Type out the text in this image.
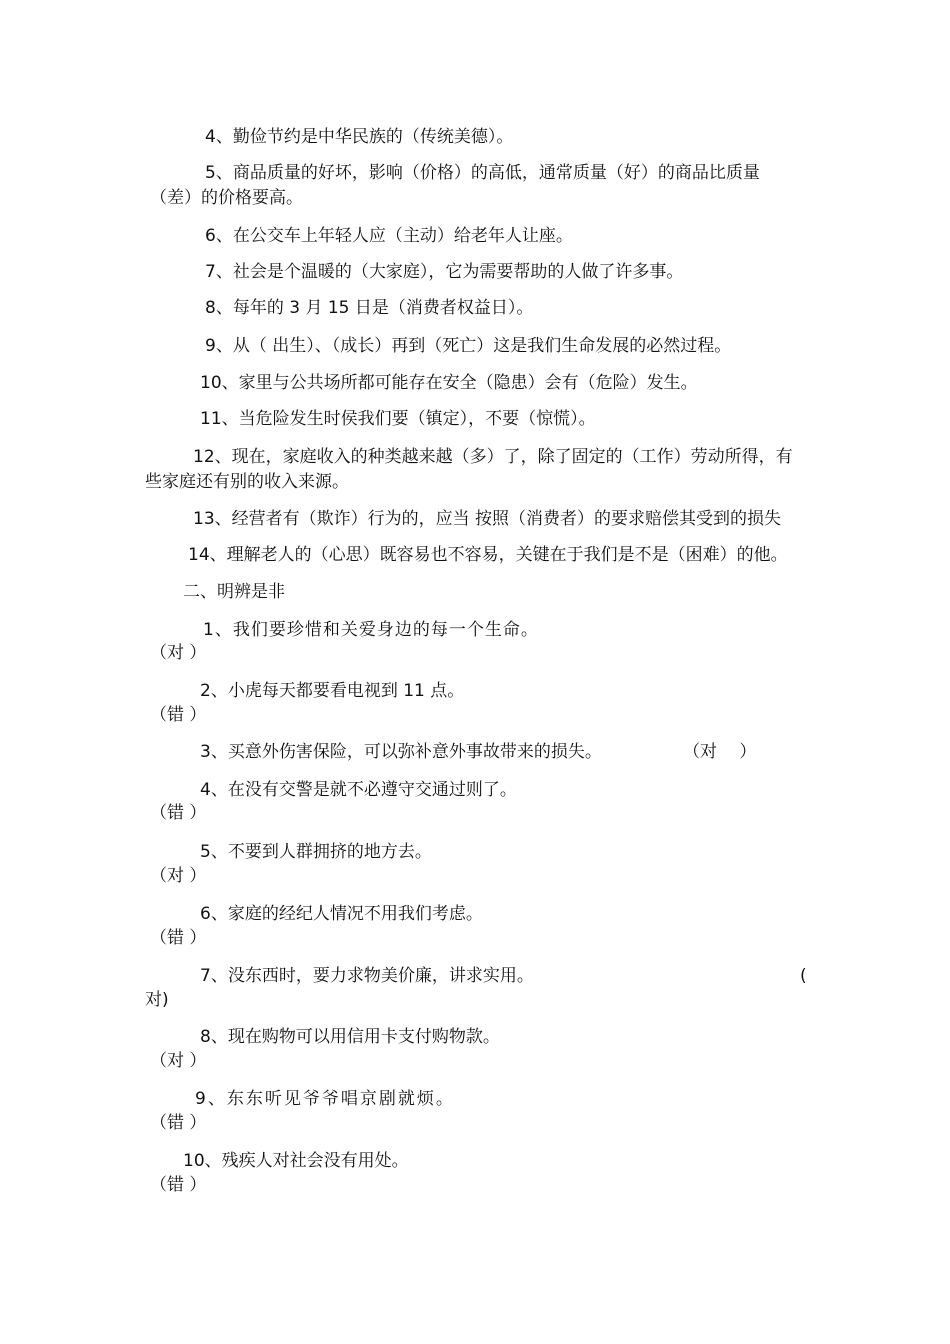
4、勤俭节约是中华民族的（传统美德）。
5、商品质量的好坏，影响（价格）的高低，通常质量（好）的商品比质量
（差）的价格要高。
6、在公交车上年轻人应（主动）给老年人让座。
7、社会是个温暖的（大家庭），它为需要帮助的人做了许多事。
8、每年的 3 月 15 日是（消费者权益日）。
9、从（ 出生）、（成长）再到（死亡）这是我们生命发展的必然过程。
10、家里与公共场所都可能存在安全（隐患）会有（危险）发生。
11、当危险发生时侯我们要（镇定），不要（惊慌）。
12、现在，家庭收入的种类越来越（多）了，除了固定的（工作）劳动所得，有
些家庭还有别的收入来源。
13、经营者有（欺诈）行为的，应当 按照（消费者）的要求赔偿其受到的损失
14、理解老人的（心思）既容易也不容易，关键在于我们是不是（困难）的他。
二、明辨是非
1、我们要珍惜和关爱身边的每一个生命。
（对 ）
2、小虎每天都要看电视到 11 点。
（错 ）
3、买意外伤害保险，可以弥补意外事故带来的损失。	（对　 ）
4、在没有交警是就不必遵守交通过则了。
（错 ）
5、不要到人群拥挤的地方去。
（对 ）
6、家庭的经纪人情况不用我们考虑。
（错 ）
7、没东西时，要力求物美价廉，讲求实用。	(
对)
8、现在购物可以用信用卡支付购物款。
（对 ）
9、东东听见爷爷唱京剧就烦。
（错 ）
10、残疾人对社会没有用处。
（错 ）
